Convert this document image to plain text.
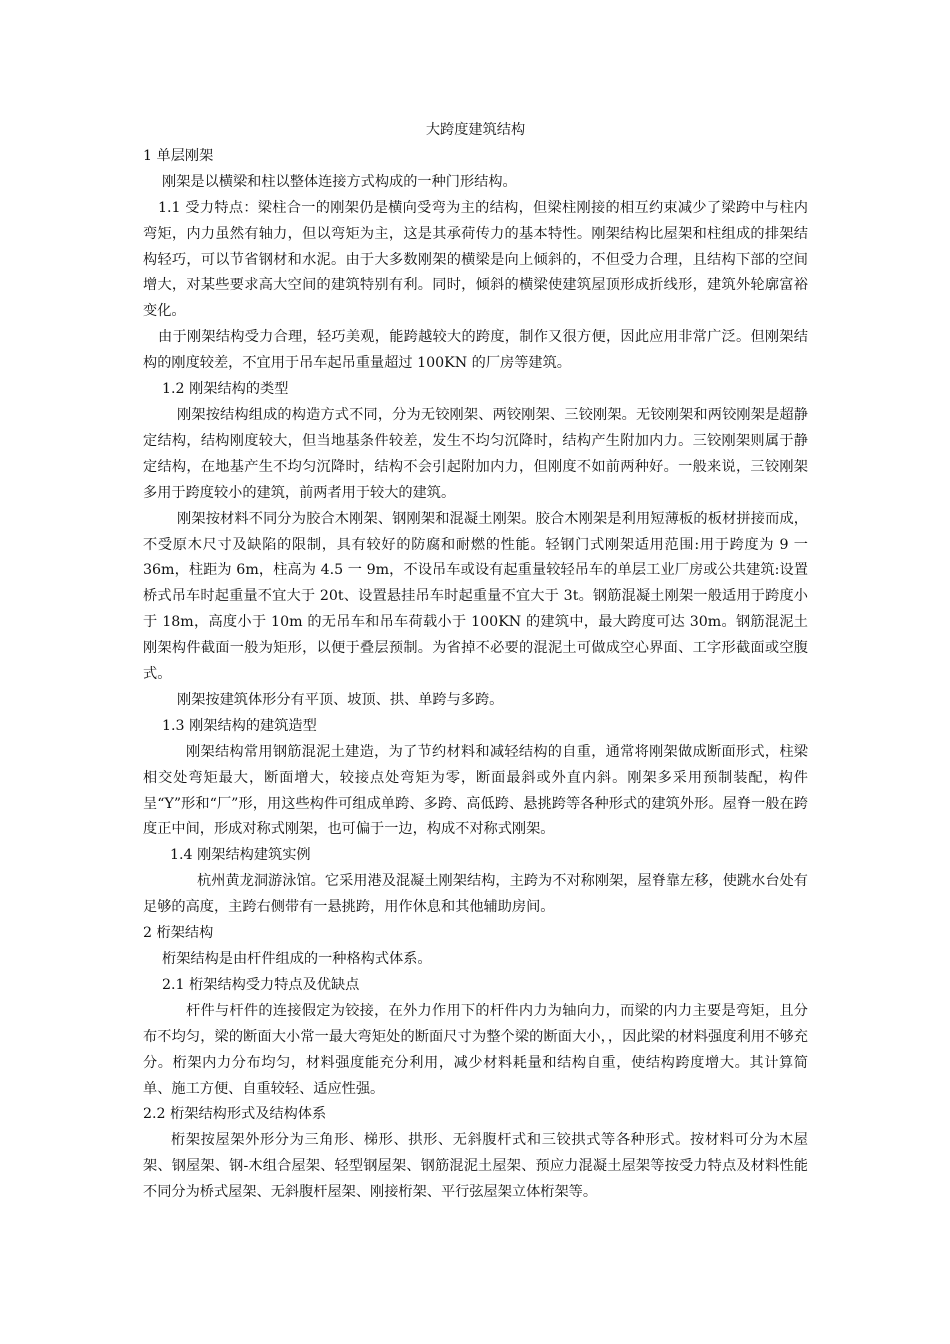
大跨度建筑结构

1 单层刚架

刚架是以横梁和柱以整体连接方式构成的一种门形结构。

1.1 受力特点：梁柱合一的刚架仍是横向受弯为主的结构，但梁柱刚接的相互约束减少了梁跨中与柱内弯矩，内力虽然有轴力，但以弯矩为主，这是其承荷传力的基本特性。刚架结构比屋架和柱组成的排架结构轻巧，可以节省钢材和水泥。由于大多数刚架的横梁是向上倾斜的，不但受力合理，且结构下部的空间增大，对某些要求高大空间的建筑特别有利。同时，倾斜的横梁使建筑屋顶形成折线形，建筑外轮廓富裕变化。

由于刚架结构受力合理，轻巧美观，能跨越较大的跨度，制作又很方便，因此应用非常广泛。但刚架结构的刚度较差，不宜用于吊车起吊重量超过 100KN 的厂房等建筑。

1.2 刚架结构的类型

刚架按结构组成的构造方式不同，分为无铰刚架、两铰刚架、三铰刚架。无铰刚架和两铰刚架是超静定结构，结构刚度较大，但当地基条件较差，发生不均匀沉降时，结构产生附加内力。三铰刚架则属于静定结构，在地基产生不均匀沉降时，结构不会引起附加内力，但刚度不如前两种好。一般来说，三铰刚架多用于跨度较小的建筑，前两者用于较大的建筑。

刚架按材料不同分为胶合木刚架、钢刚架和混凝土刚架。胶合木刚架是利用短薄板的板材拼接而成，不受原木尺寸及缺陷的限制，具有较好的防腐和耐燃的性能。轻钢门式刚架适用范围:用于跨度为 9 一 36m，柱距为 6m，柱高为 4.5 一 9m，不设吊车或设有起重量较轻吊车的单层工业厂房或公共建筑:设置桥式吊车时起重量不宜大于 20t、设置悬挂吊车时起重量不宜大于 3t。钢筋混凝土刚架一般适用于跨度小于 18m，高度小于 10m 的无吊车和吊车荷载小于 100KN 的建筑中，最大跨度可达 30m。钢筋混泥土刚架构件截面一般为矩形，以便于叠层预制。为省掉不必要的混泥土可做成空心界面、工字形截面或空腹式。

刚架按建筑体形分有平顶、坡顶、拱、单跨与多跨。

1.3 刚架结构的建筑造型

刚架结构常用钢筋混泥土建造，为了节约材料和减轻结构的自重，通常将刚架做成断面形式，柱梁相交处弯矩最大，断面增大，较接点处弯矩为零，断面最斜或外直内斜。刚架多采用预制装配，构件呈“Y”形和“厂”形，用这些构件可组成单跨、多跨、高低跨、悬挑跨等各种形式的建筑外形。屋脊一般在跨度正中间，形成对称式刚架，也可偏于一边，构成不对称式刚架。

1.4 刚架结构建筑实例

杭州黄龙洞游泳馆。它采用港及混凝土刚架结构，主跨为不对称刚架，屋脊靠左移，使跳水台处有足够的高度，主跨右侧带有一悬挑跨，用作休息和其他辅助房间。

2 桁架结构

桁架结构是由杆件组成的一种格构式体系。

2.1 桁架结构受力特点及优缺点

杆件与杆件的连接假定为铰接，在外力作用下的杆件内力为轴向力，而梁的内力主要是弯矩，且分布不均匀，梁的断面大小常一最大弯矩处的断面尺寸为整个梁的断面大小，，因此梁的材料强度利用不够充分。桁架内力分布均匀，材料强度能充分利用，减少材料耗量和结构自重，使结构跨度增大。其计算简单、施工方便、自重较轻、适应性强。

2.2 桁架结构形式及结构体系

桁架按屋架外形分为三角形、梯形、拱形、无斜腹杆式和三铰拱式等各种形式。按材料可分为木屋架、钢屋架、钢-木组合屋架、轻型钢屋架、钢筋混泥土屋架、预应力混凝土屋架等按受力特点及材料性能不同分为桥式屋架、无斜腹杆屋架、刚接桁架、平行弦屋架立体桁架等。
